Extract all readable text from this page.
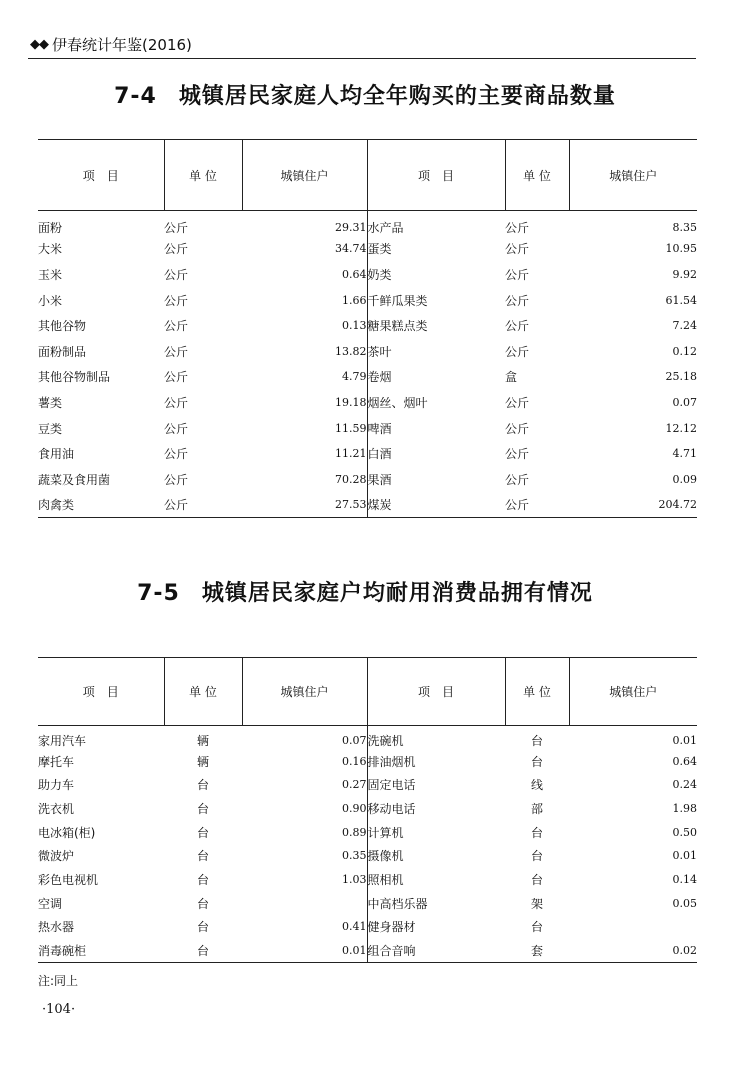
◆◆ 伊春统计年鉴(2016)
7-4 城镇居民家庭人均全年购买的主要商品数量
项　目	单 位	城镇住户	项　目	单 位	城镇住户
面粉	公斤	29.31	水产品	公斤	8.35
大米	公斤	34.74	蛋类	公斤	10.95
玉米	公斤	0.64	奶类	公斤	9.92
小米	公斤	1.66	千鲜瓜果类	公斤	61.54
其他谷物	公斤	0.13	糖果糕点类	公斤	7.24
面粉制品	公斤	13.82	茶叶	公斤	0.12
其他谷物制品	公斤	4.79	卷烟	盒	25.18
薯类	公斤	19.18	烟丝、烟叶	公斤	0.07
豆类	公斤	11.59	啤酒	公斤	12.12
食用油	公斤	11.21	白酒	公斤	4.71
蔬菜及食用菌	公斤	70.28	果酒	公斤	0.09
肉禽类	公斤	27.53	煤炭	公斤	204.72
7-5 城镇居民家庭户均耐用消费品拥有情况
项　目	单 位	城镇住户	项　目	单 位	城镇住户
家用汽车	辆	0.07	洗碗机	台	0.01
摩托车	辆	0.16	排油烟机	台	0.64
助力车	台	0.27	固定电话	线	0.24
洗衣机	台	0.90	移动电话	部	1.98
电冰箱(柜)	台	0.89	计算机	台	0.50
微波炉	台	0.35	摄像机	台	0.01
彩色电视机	台	1.03	照相机	台	0.14
空调	台		中高档乐器	架	0.05
热水器	台	0.41	健身器材	台	
消毒碗柜	台	0.01	组合音响	套	0.02
注:同上
·104·
